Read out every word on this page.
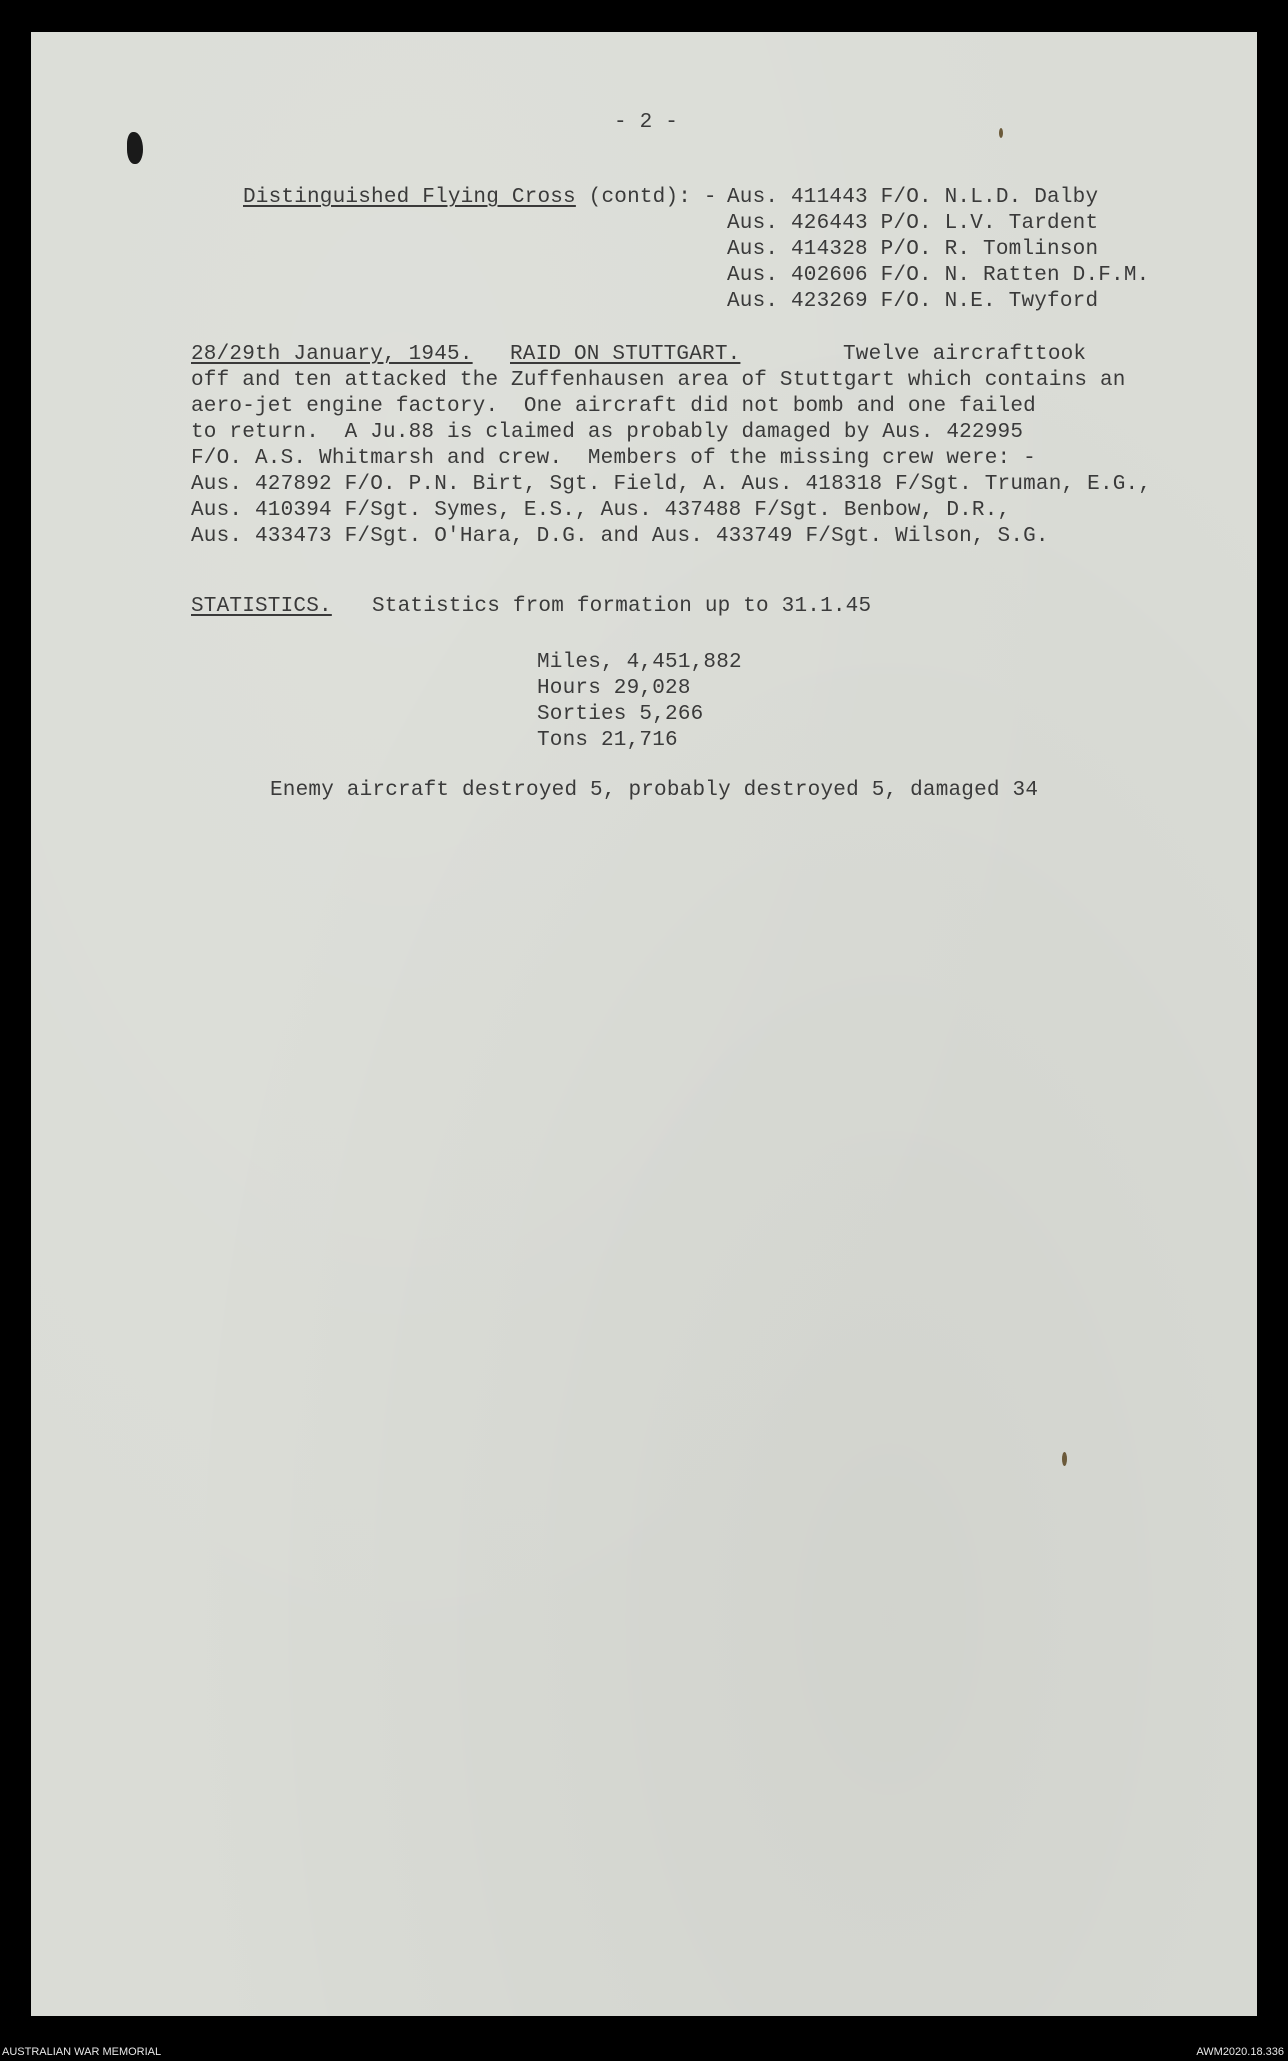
- 2 -
Distinguished Flying Cross (contd): -
Aus. 411443 F/O. N.L.D. Dalby
Aus. 426443 P/O. L.V. Tardent
Aus. 414328 P/O. R. Tomlinson
Aus. 402606 F/O. N. Ratten D.F.M.
Aus. 423269 F/O. N.E. Twyford
28/29th January, 1945. RAID ON STUTTGART.	Twelve aircrafttook
off and ten attacked the Zuffenhausen area of Stuttgart which contains an
aero-jet engine factory.  One aircraft did not bomb and one failed
to return.  A Ju.88 is claimed as probably damaged by Aus. 422995
F/O. A.S. Whitmarsh and crew.  Members of the missing crew were: -
Aus. 427892 F/O. P.N. Birt, Sgt. Field, A. Aus. 418318 F/Sgt. Truman, E.G.,
Aus. 410394 F/Sgt. Symes, E.S., Aus. 437488 F/Sgt. Benbow, D.R.,
Aus. 433473 F/Sgt. O'Hara, D.G. and Aus. 433749 F/Sgt. Wilson, S.G.
STATISTICS. Statistics from formation up to 31.1.45
Miles, 4,451,882
Hours 29,028
Sorties 5,266
Tons 21,716
Enemy aircraft destroyed 5, probably destroyed 5, damaged 34
AUSTRALIAN WAR MEMORIAL	AWM2020.18.336
